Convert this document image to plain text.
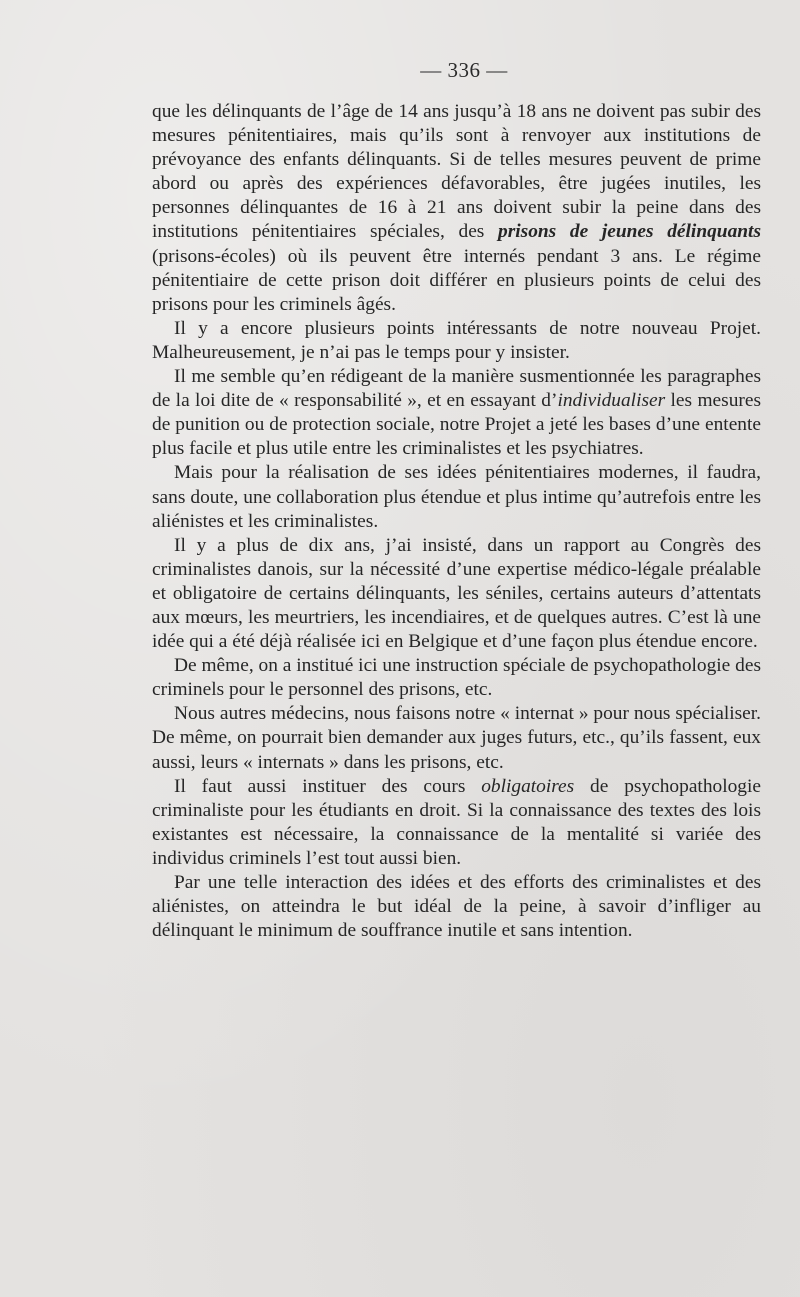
— 336 —

que les délinquants de l’âge de 14 ans jusqu’à 18 ans ne doivent pas subir des mesures pénitentiaires, mais qu’ils sont à renvoyer aux institutions de prévoyance des enfants délinquants. Si de telles mesures peuvent de prime abord ou après des expériences défavorables, être jugées inutiles, les personnes délinquantes de 16 à 21 ans doivent subir la peine dans des institutions pénitentiaires spéciales, des prisons de jeunes délinquants (prisons-écoles) où ils peuvent être internés pendant 3 ans. Le régime pénitentiaire de cette prison doit différer en plusieurs points de celui des prisons pour les criminels âgés.

Il y a encore plusieurs points intéressants de notre nouveau Projet. Malheureusement, je n’ai pas le temps pour y insister.

Il me semble qu’en rédigeant de la manière susmentionnée les paragraphes de la loi dite de « responsabilité », et en essayant d’individualiser les mesures de punition ou de protection sociale, notre Projet a jeté les bases d’une entente plus facile et plus utile entre les criminalistes et les psychiatres.

Mais pour la réalisation de ses idées pénitentiaires modernes, il faudra, sans doute, une collaboration plus étendue et plus intime qu’autrefois entre les aliénistes et les criminalistes.

Il y a plus de dix ans, j’ai insisté, dans un rapport au Congrès des criminalistes danois, sur la nécessité d’une expertise médico-légale préalable et obligatoire de certains délinquants, les séniles, certains auteurs d’attentats aux mœurs, les meurtriers, les incendiaires, et de quelques autres. C’est là une idée qui a été déjà réalisée ici en Belgique et d’une façon plus étendue encore.

De même, on a institué ici une instruction spéciale de psychopathologie des criminels pour le personnel des prisons, etc.

Nous autres médecins, nous faisons notre « internat » pour nous spécialiser. De même, on pourrait bien demander aux juges futurs, etc., qu’ils fassent, eux aussi, leurs « internats » dans les prisons, etc.

Il faut aussi instituer des cours obligatoires de psychopathologie criminaliste pour les étudiants en droit. Si la connaissance des textes des lois existantes est nécessaire, la connaissance de la mentalité si variée des individus criminels l’est tout aussi bien.

Par une telle interaction des idées et des efforts des criminalistes et des aliénistes, on atteindra le but idéal de la peine, à savoir d’infliger au délinquant le minimum de souffrance inutile et sans intention.
